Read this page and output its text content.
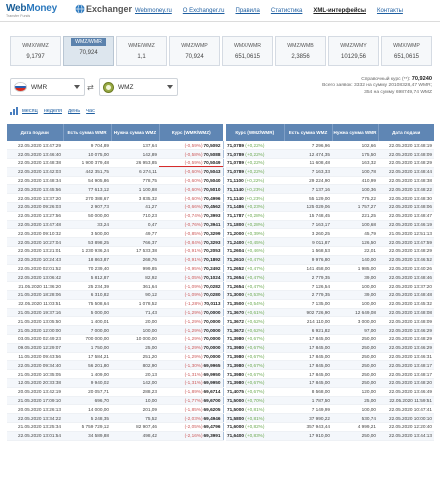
WebMoney
Transfer Funds
Exchanger Webmoney.ru О Exchanger.ru Правила Статистика XML-интерфейсы Контакты
WMX/WMZ
9,1797
WMZ/WMR
70,924
WME/WMZ
1,1
WMZ/WMP
70,924
WMX/WMR
651,0615
WMZ/WMB
2,3856
WMZ/WMY
10129,56
WMX/WMP
651,0615
WMR	⇄	WMZ
Справочный курс (**): 70,9240
Всего заявок: 3332 на сумму 20108328,47 WMR;
354 на сумму 698749,74 WMZ
месяц неделя день час
Дата подачи	Есть сумма WMR	Нужна сумма WMZ	Курс (WMR/WMZ)
22.05.2020 13:47:29	9 704,89	137,64	(-0,59%)70,5092
22.05.2020 13:46:40	10 075,00	142,89	(-0,58%)70,5088
22.05.2020 13:48:38	1 900 379,48	26 953,85	(-0,59%)70,5049
22.05.2020 13:42:03	442 351,75	6 274,11	(-0,60%)70,5043
22.05.2020 13:48:34	54 905,86	778,75	(-0,60%)70,5040
22.05.2020 13:45:56	77 613,12	1 100,88	(-0,60%)70,5010
22.05.2020 13:37:20	270 388,67	3 835,32	(-0,60%)70,4996
22.05.2020 09:26:03	2 907,73	41,27	(-0,66%)70,4562
22.05.2020 13:27:56	50 000,00	710,23	(-0,74%)70,3993
22.05.2020 13:47:48	33,24	0,47	(-0,76%)70,3941
22.05.2020 09:10:32	3 500,00	49,77	(-0,85%)70,3299
22.05.2020 10:27:04	53 898,25	766,37	(-0,84%)70,3293
22.05.2020 13:21:01	1 230 936,24	17 533,38	(-0,91%)70,2053
22.05.2020 10:24:43	18 863,87	268,76	(-0,91%)70,1892
22.05.2020 02:01:52	70 239,40	999,85	(-0,95%)70,2492
22.05.2020 13:06:42	5 812,87	82,92	(-1,05%)70,1024
21.05.2020 11:36:20	25 234,39	361,64	(-1,09%)70,0282
21.05.2020 18:28:06	6 310,82	90,12	(-1,09%)70,0280
22.05.2020 11:03:51	75 508,64	1 078,52	(-1,28%)70,0113
21.05.2020 19:37:16	5 000,00	71,43	(-1,29%)70,0000
21.05.2020 13:05:50	1 400,01	20,00	(-1,29%)70,0000
21.05.2020 12:00:00	7 000,00	100,00	(-1,29%)70,0000
03.05.2020 02:49:23	700 000,00	10 000,00	(-1,29%)70,0000
09.05.2020 12:29:07	1 750,00	25,00	(-1,29%)70,0000
11.05.2020 09:43:56	17 584,21	251,20	(-1,29%)70,0000
22.05.2020 09:34:40	56 201,80	802,90	(-1,30%)69,9965
21.05.2020 10:35:05	1 409,00	20,13	(-1,31%)69,9950
12.05.2020 20:33:38	9 940,02	142,00	(-1,31%)69,9950
20.05.2020 13:42:19	20 057,71	288,23	(-1,89%)69,6714
21.05.2020 17:09:10	696,70	10,00	(-1,77%)69,6700
20.05.2020 13:26:13	14 000,00	201,09	(-1,85%)69,6205
22.05.2020 13:34:22	5 248,35	75,52	(-2,03%)69,4946
21.05.2020 13:25:34	5 759 729,12	82 907,46	(-2,05%)69,4796
22.05.2020 13:01:54	34 589,88	498,42	(-2,16%)69,3991
Курс (WMZ/WMR)	Есть сумма WMZ	Нужна сумма WMR	Дата подачи
71,0789 (+0,22%)	7 296,96	102,66	22.05.2020 13:48:19
71,0789 (+0,22%)	12 474,35	175,50	22.05.2020 13:48:09
71,0789 (+0,22%)	11 608,48	163,32	22.05.2020 13:48:29
71,0789 (+0,22%)	7 163,33	100,78	22.05.2020 13:48:44
71,1100 (+0,22%)	29 224,90	410,99	22.05.2020 13:48:38
71,1140 (+0,23%)	7 137,16	100,36	22.05.2020 13:48:22
71,1140 (+0,23%)	55 129,00	775,22	22.05.2020 13:48:30
71,1486 (+0,23%)	125 029,06	1 757,27	22.05.2020 13:48:06
71,1787 (+0,28%)	15 748,45	221,25	22.05.2020 13:48:47
71,1800 (+0,28%)	7 163,17	100,68	22.05.2020 13:46:19
71,2000 (+0,39%)	3 260,25	45,79	21.05.2020 12:51:13
71,2400 (+0,45%)	9 011,87	126,50	22.05.2020 13:47:59
71,2604 (+0,46%)	1 568,53	22,01	22.05.2020 13:48:29
71,2610 (+0,47%)	9 976,80	140,00	22.05.2020 13:46:52
71,2652 (+0,47%)	141 458,00	1 985,00	22.05.2020 13:40:26
71,2654 (+0,47%)	2 779,35	39,00	22.05.2020 13:48:46
71,2654 (+0,47%)	7 126,54	100,00	22.05.2020 13:37:20
71,3000 (+0,53%)	2 779,35	39,00	22.05.2020 13:48:48
71,3500 (+0,54%)	7 135,00	100,00	22.05.2020 13:45:32
71,3670 (+0,61%)	902 726,90	12 649,08	22.05.2020 13:48:08
71,3672 (+0,62%)	214 110,00	3 000,00	22.05.2020 13:48:09
71,3672 (+0,62%)	6 921,82	97,00	22.05.2020 13:46:29
71,3980 (+0,67%)	17 845,00	250,00	22.05.2020 13:48:29
71,3980 (+0,67%)	17 845,00	250,00	22.05.2020 13:46:29
71,3980 (+0,67%)	17 845,00	250,00	22.05.2020 13:46:31
71,3980 (+0,67%)	17 845,00	250,00	22.05.2020 13:48:17
71,3980 (+0,67%)	17 845,00	250,00	22.05.2020 13:48:17
71,3980 (+0,67%)	17 845,00	250,00	22.05.2020 13:48:20
71,4075 (+0,67%)	8 568,00	120,00	22.05.2020 13:46:49
71,5000 (+0,70%)	1 787,50	25,00	22.05.2020 11:59:51
71,5000 (+0,81%)	7 149,99	100,00	22.05.2020 10:47:41
71,5800 (+0,81%)	37 990,22	530,74	22.05.2020 10:00:10
71,6000 (+0,82%)	357 943,44	4 999,21	22.05.2020 12:20:40
71,6400 (+0,83%)	17 910,00	250,00	22.05.2020 13:44:13
